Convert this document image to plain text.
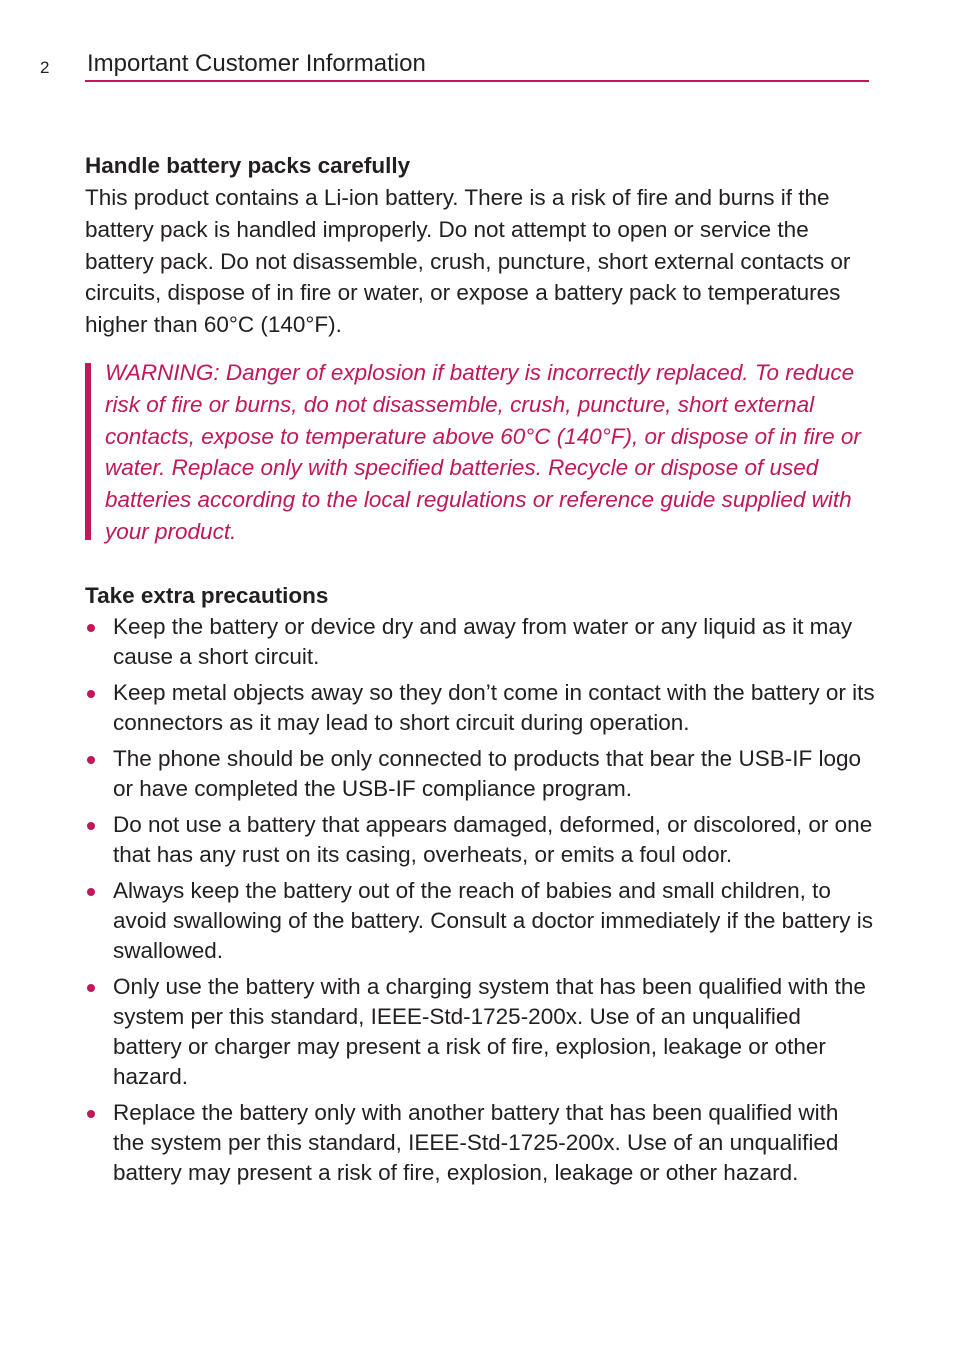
2 Important Customer Information
Handle battery packs carefully

This product contains a Li-ion battery. There is a risk of fire and burns if the battery pack is handled improperly. Do not attempt to open or service the battery pack. Do not disassemble, crush, puncture, short external contacts or circuits, dispose of in fire or water, or expose a battery pack to temperatures higher than 60°C (140°F).

WARNING: Danger of explosion if battery is incorrectly replaced. To reduce risk of fire or burns, do not disassemble, crush, puncture, short external contacts, expose to temperature above 60°C (140°F), or dispose of in fire or water. Replace only with specified batteries. Recycle or dispose of used batteries according to the local regulations or reference guide supplied with your product.
Take extra precautions
Keep the battery or device dry and away from water or any liquid as it may cause a short circuit.
Keep metal objects away so they don’t come in contact with the battery or its connectors as it may lead to short circuit during operation.
The phone should be only connected to products that bear the USB-IF logo or have completed the USB-IF compliance program.
Do not use a battery that appears damaged, deformed, or discolored, or one that has any rust on its casing, overheats, or emits a foul odor.
Always keep the battery out of the reach of babies and small children, to avoid swallowing of the battery. Consult a doctor immediately if the battery is swallowed.
Only use the battery with a charging system that has been qualified with the system per this standard, IEEE-Std-1725-200x. Use of an unqualified battery or charger may present a risk of fire, explosion, leakage or other hazard.
Replace the battery only with another battery that has been qualified with the system per this standard, IEEE-Std-1725-200x. Use of an unqualified battery may present a risk of fire, explosion, leakage or other hazard.
